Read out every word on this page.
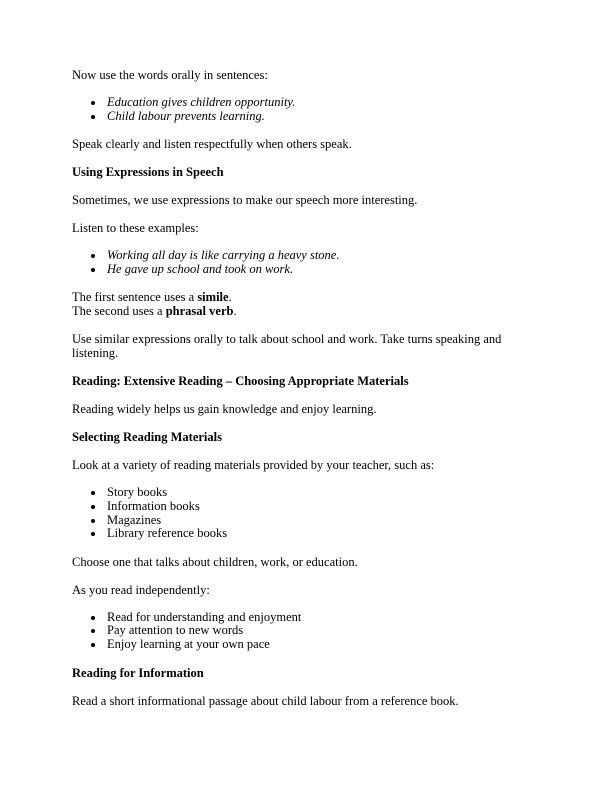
Now use the words orally in sentences:

• Education gives children opportunity.
• Child labour prevents learning.

Speak clearly and listen respectfully when others speak.

Using Expressions in Speech

Sometimes, we use expressions to make our speech more interesting.

Listen to these examples:

• Working all day is like carrying a heavy stone.
• He gave up school and took on work.

The first sentence uses a simile.
The second uses a phrasal verb.

Use similar expressions orally to talk about school and work. Take turns speaking and listening.

Reading: Extensive Reading – Choosing Appropriate Materials

Reading widely helps us gain knowledge and enjoy learning.

Selecting Reading Materials

Look at a variety of reading materials provided by your teacher, such as:

• Story books
• Information books
• Magazines
• Library reference books

Choose one that talks about children, work, or education.

As you read independently:

• Read for understanding and enjoyment
• Pay attention to new words
• Enjoy learning at your own pace

Reading for Information

Read a short informational passage about child labour from a reference book.
